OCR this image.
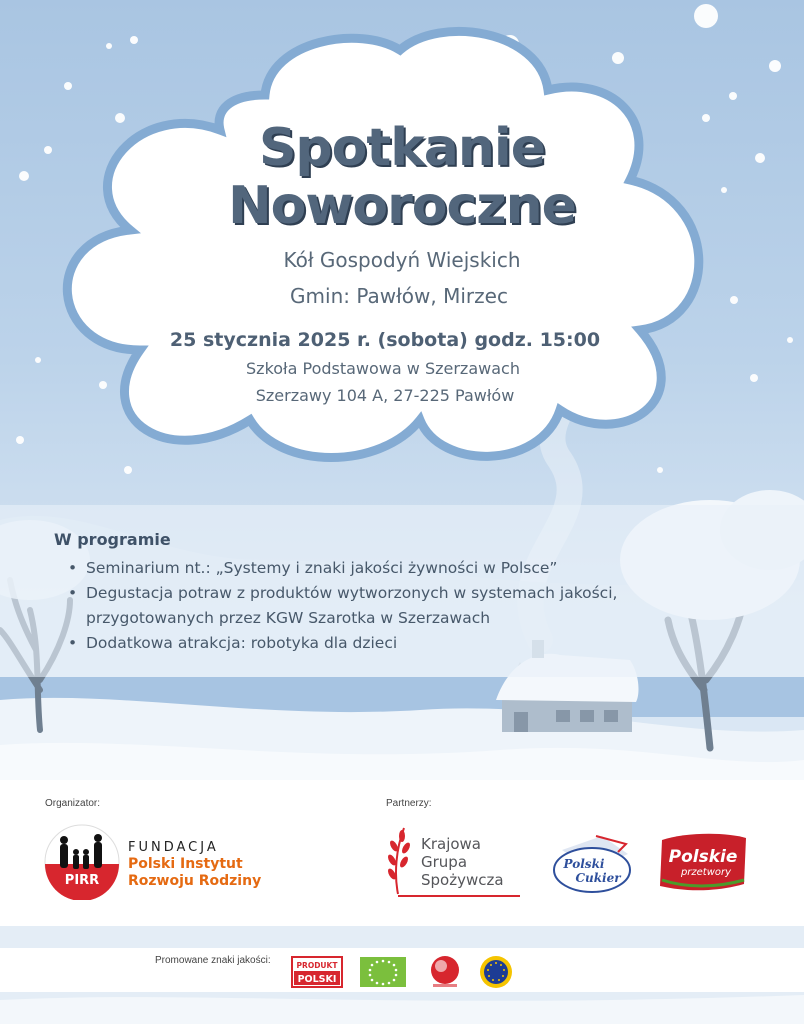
Spotkanie
Noworoczne
Kół Gospodyń Wiejskich
Gmin: Pawłów, Mirzec
25 stycznia 2025 r. (sobota) godz. 15:00
Szkoła Podstawowa w Szerzawach
Szerzawy 104 A, 27-225 Pawłów
W programie
• Seminarium nt.: „Systemy i znaki jakości żywności w Polsce”
• Degustacja potraw z produktów wytworzonych w systemach jakości,
przygotowanych przez KGW Szarotka w Szerzawach
• Dodatkowa atrakcja: robotyka dla dzieci
Organizator:	Partnerzy:
PIRR
FUNDACJA
Polski Instytut
Rozwoju Rodziny
Krajowa
Grupa
Spożywcza
Polski
Cukier
Polskie
przetwory
Promowane znaki jakości:	PRODUKT
POLSKI
